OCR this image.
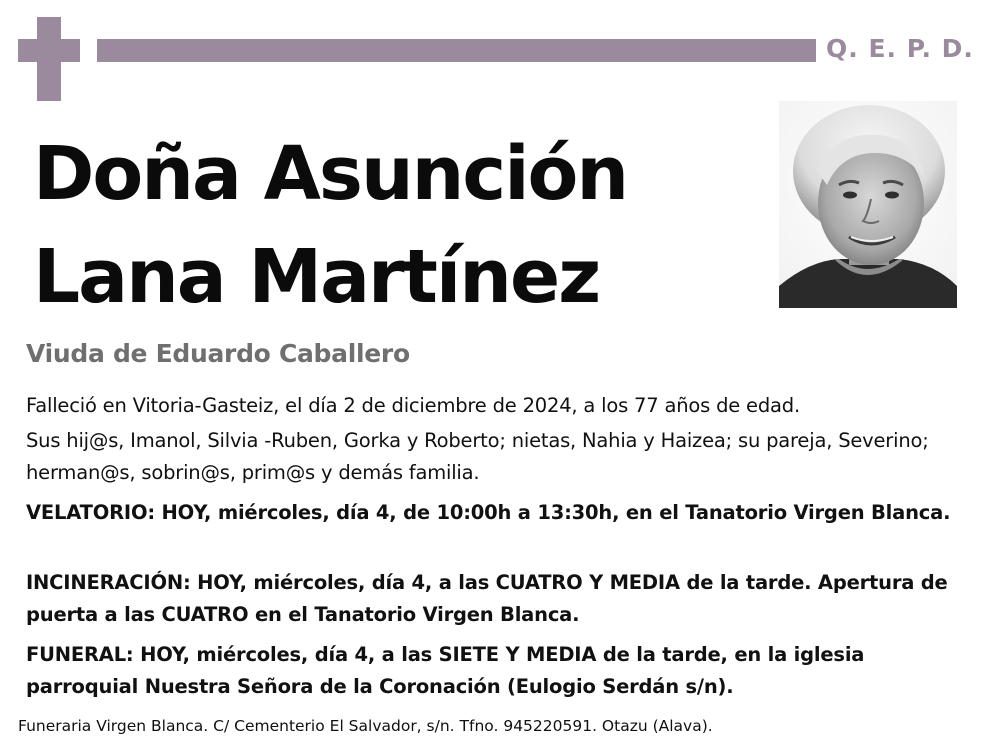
Q. E. P. D.
Doña Asunción
Lana Martínez
Viuda de Eduardo Caballero
Falleció en Vitoria-Gasteiz, el día 2 de diciembre de 2024, a los 77 años de edad.
Sus hij@s, Imanol, Silvia -Ruben, Gorka y Roberto; nietas, Nahia y Haizea; su pareja, Severino; herman@s, sobrin@s, prim@s y demás familia.
VELATORIO: HOY, miércoles, día 4, de 10:00h a 13:30h, en el Tanatorio Virgen Blanca.
INCINERACIÓN: HOY, miércoles, día 4, a las CUATRO Y MEDIA de la tarde. Apertura de puerta a las CUATRO en el Tanatorio Virgen Blanca.
FUNERAL: HOY, miércoles, día 4, a las SIETE Y MEDIA de la tarde, en la iglesia parroquial Nuestra Señora de la Coronación (Eulogio Serdán s/n).
Funeraria Virgen Blanca. C/ Cementerio El Salvador, s/n. Tfno. 945220591. Otazu (Alava).
